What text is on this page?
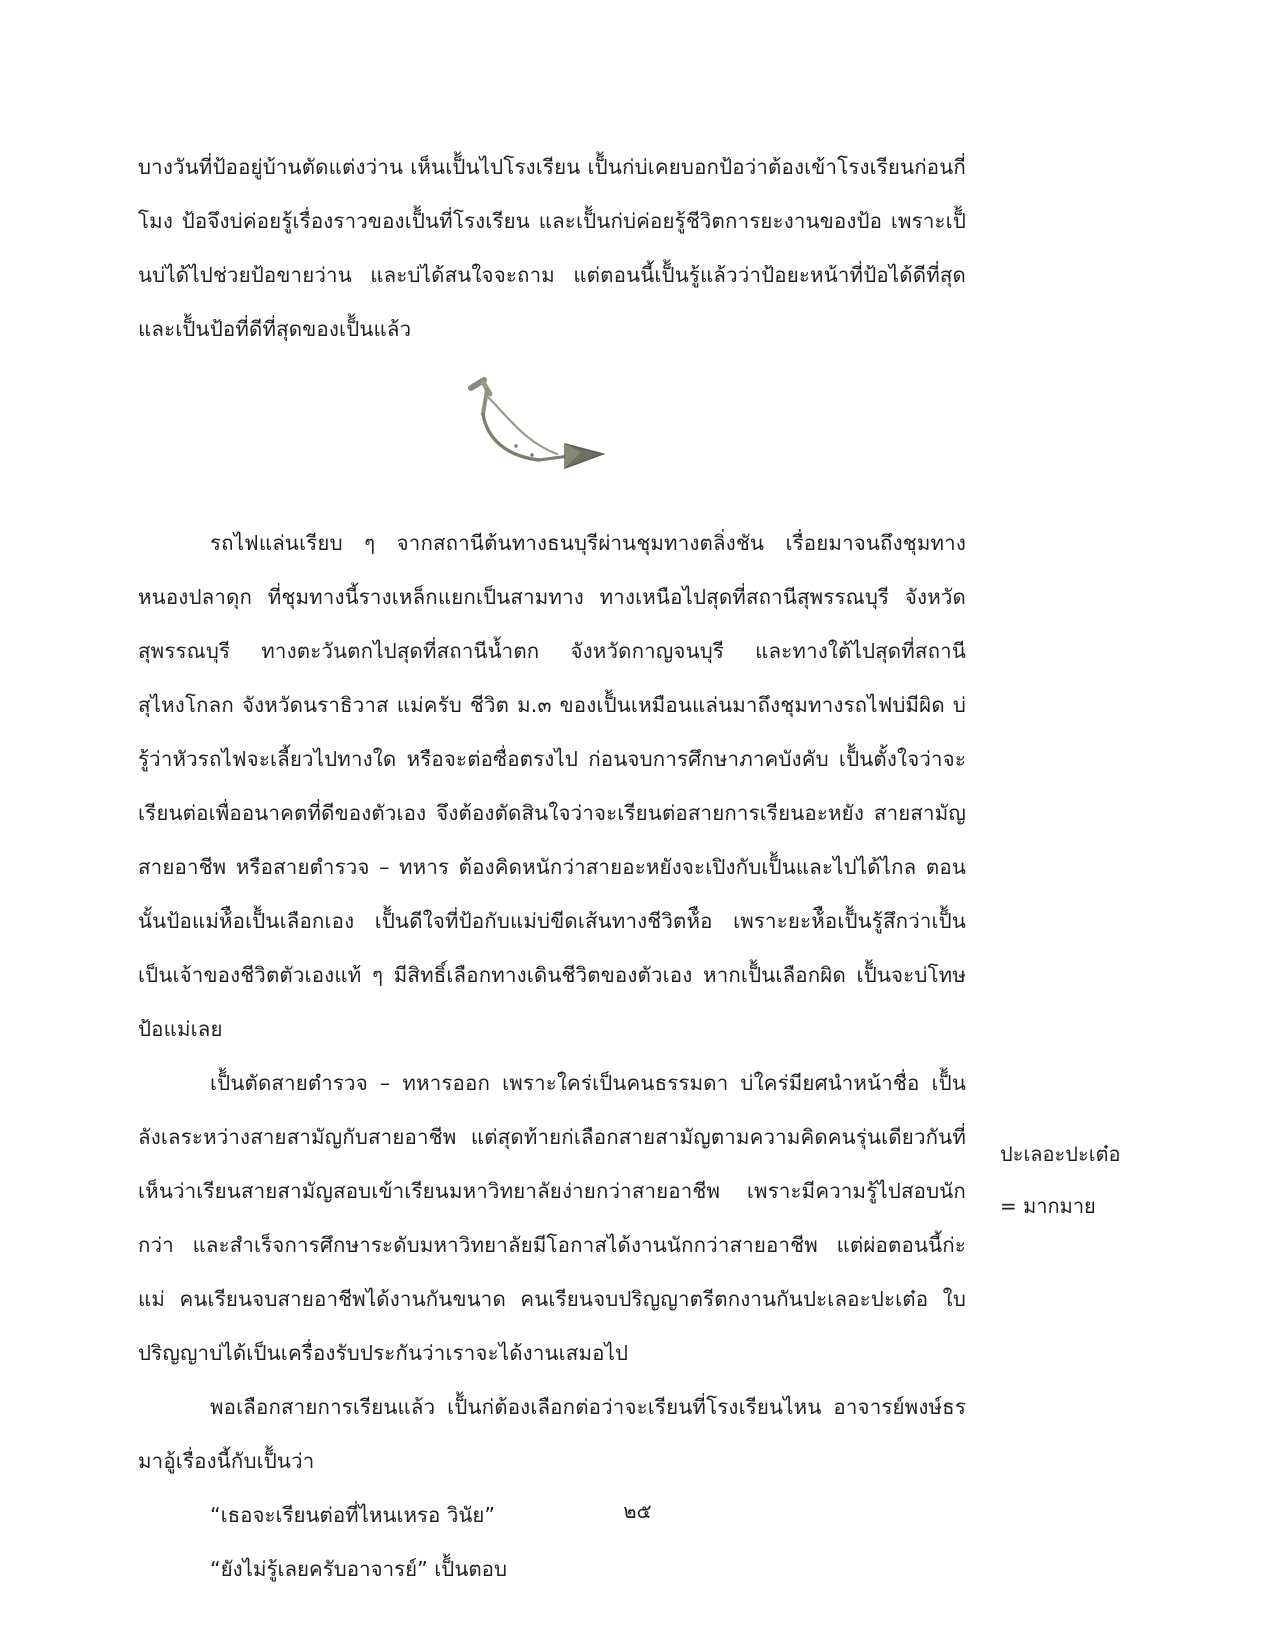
บางวันที่ป้ออยู่บ้านตัดแต่งว่าน เห็นเป็้นไปโรงเรียน เป็้นก่บ่เคยบอกป้อว่าต้องเข้าโรงเรียนก่อนกี่โมง ป้อจึงบ่ค่อยรู้เรื่องราวของเป็้นที่โรงเรียน และเป็้นก่บ่ค่อยรู้ชีวิตการยะงานของป้อ เพราะเป็้นบ่ได้ไปช่วยป้อขายว่าน และบ่ได้สนใจจะถาม แต่ตอนนี้เป็้นรู้แล้วว่าป้อยะหน้าที่ป้อได้ดีที่สุด และเป็้นป้อที่ดีที่สุดของเป็้นแล้ว

รถไฟแล่นเรียบ ๆ จากสถานีต้นทางธนบุรีผ่านชุมทางตลิ่งชัน เรื่อยมาจนถึงชุมทางหนองปลาดุก ที่ชุมทางนี้รางเหล็กแยกเป็นสามทาง ทางเหนือไปสุดที่สถานีสุพรรณบุรี จังหวัดสุพรรณบุรี ทางตะวันตกไปสุดที่สถานีน้ำตก จังหวัดกาญจนบุรี และทางใต้ไปสุดที่สถานีสุไหงโกลก จังหวัดนราธิวาส แม่ครับ ชีวิต ม.๓ ของเป็้นเหมือนแล่นมาถึงชุมทางรถไฟบ่มีผิด บ่รู้ว่าหัวรถไฟจะเลี้ยวไปทางใด หรือจะต่อซื่อตรงไป ก่อนจบการศึกษาภาคบังคับ เป็้นตั้งใจว่าจะเรียนต่อเพื่ออนาคตที่ดีของตัวเอง จึงต้องตัดสินใจว่าจะเรียนต่อสายการเรียนอะหยัง สายสามัญ สายอาชีพ หรือสายตำรวจ – ทหาร ต้องคิดหนักว่าสายอะหยังจะเปิงกับเป็้นและไปได้ไกล ตอนนั้นป้อแม่ห้ือเป็้นเลือกเอง เป็้นดีใจที่ป้อกับแม่บ่ขีดเส้นทางชีวิตห้ือ เพราะยะห้ือเป็้นรู้สึกว่าเป็้นเป็นเจ้าของชีวิตตัวเองแท้ ๆ มีสิทธิ์เลือกทางเดินชีวิตของตัวเอง หากเป็้นเลือกผิด เป็้นจะบ่โทษป้อแม่เลย

เป็้นตัดสายตำรวจ – ทหารออก เพราะใคร่เป็นคนธรรมดา บ่ใคร่มียศนำหน้าชื่อ เป็้นลังเลระหว่างสายสามัญกับสายอาชีพ แต่สุดท้ายก่เลือกสายสามัญตามความคิดคนรุ่นเดียวกันที่เห็นว่าเรียนสายสามัญสอบเข้าเรียนมหาวิทยาลัยง่ายกว่าสายอาชีพ เพราะมีความรู้ไปสอบนักกว่า และสำเร็จการศึกษาระดับมหาวิทยาลัยมีโอกาสได้งานนักกว่าสายอาชีพ แต่ผ่อตอนนี้ก่ะแม่ คนเรียนจบสายอาชีพได้งานกันขนาด คนเรียนจบปริญญาตรีตกงานกันปะเลอะปะเต๋อ ใบปริญญาบ่ได้เป็นเครื่องรับประกันว่าเราจะได้งานเสมอไป

พอเลือกสายการเรียนแล้ว เป็้นก่ต้องเลือกต่อว่าจะเรียนที่โรงเรียนไหน อาจารย์พงษ์ธรมาอู้เรื่องนี้กับเป็้นว่า

“เธอจะเรียนต่อที่ไหนเหรอ วินัย”

“ยังไม่รู้เลยครับอาจารย์” เป็้นตอบ

ปะเลอะปะเต๋อ
= มากมาย
๒๕
